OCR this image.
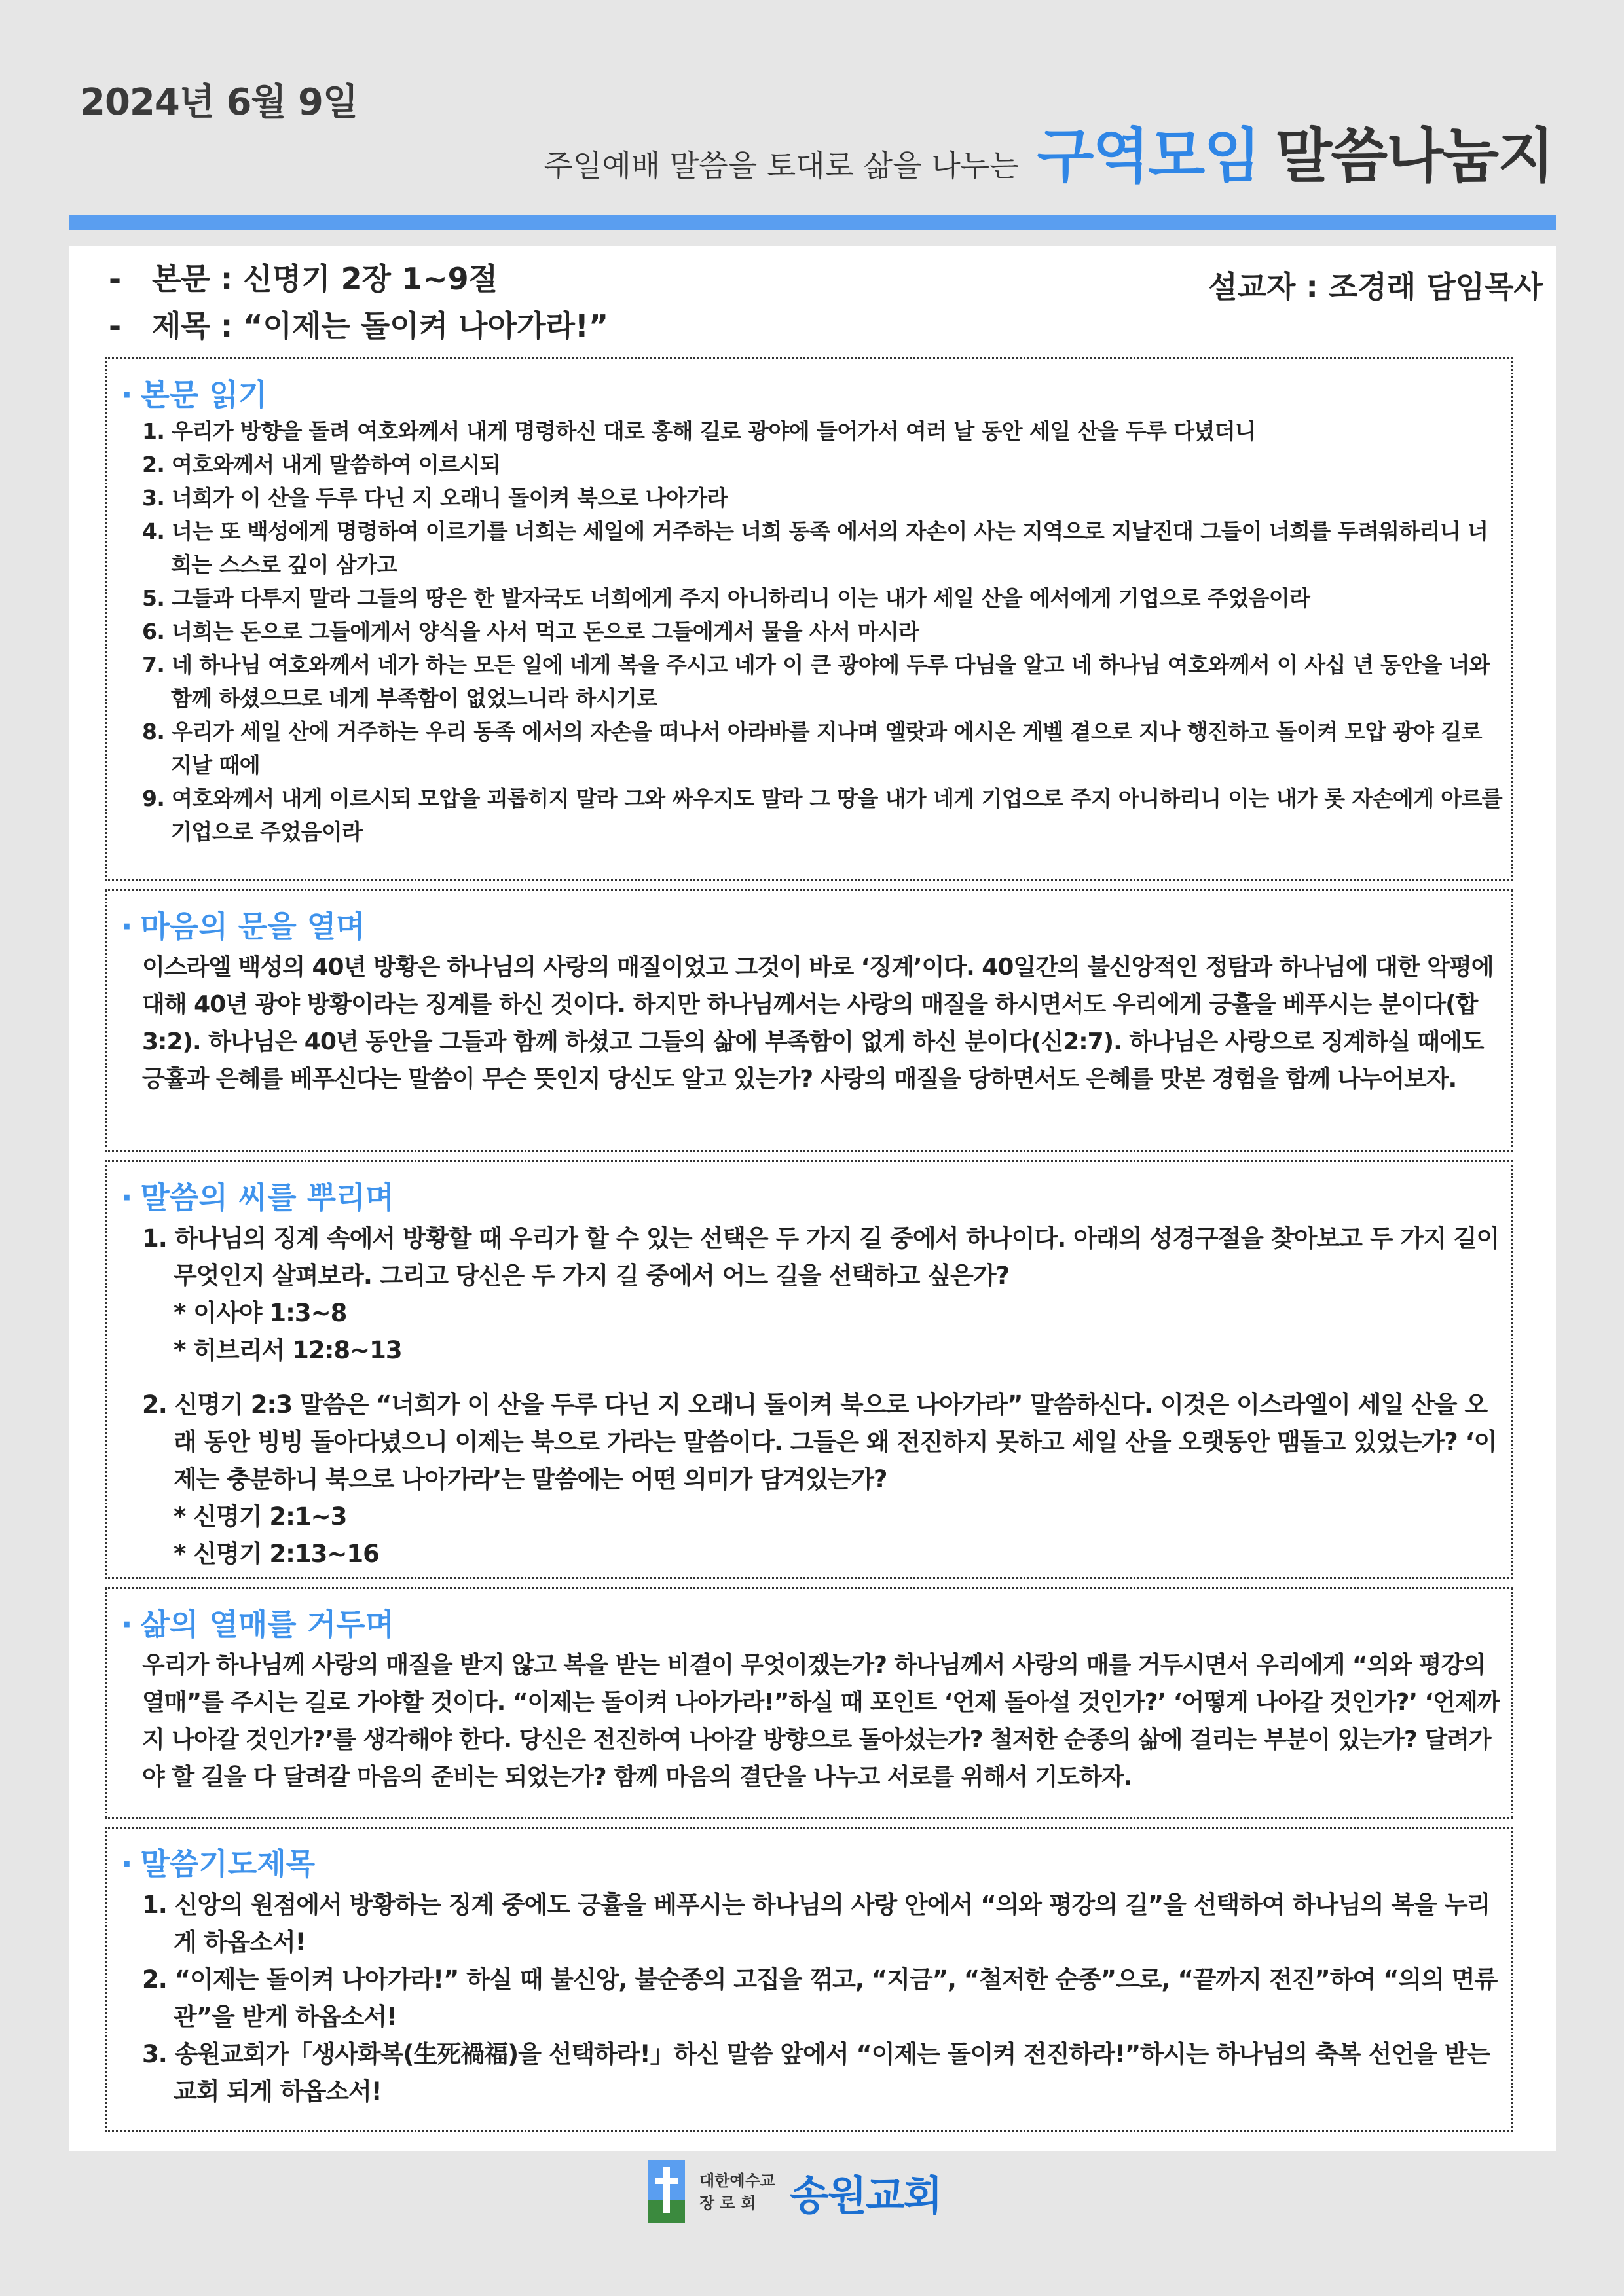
2024년 6월 9일
주일예배 말씀을 토대로 삶을 나누는 구역모임 말씀나눔지
-	본문 : 신명기 2장 1~9절
-	제목 : “이제는 돌이켜 나아가라!”
설교자 : 조경래 담임목사
· 본문 읽기
1. 우리가 방향을 돌려 여호와께서 내게 명령하신 대로 홍해 길로 광야에 들어가서 여러 날 동안 세일 산을 두루 다녔더니
2. 여호와께서 내게 말씀하여 이르시되
3. 너희가 이 산을 두루 다닌 지 오래니 돌이켜 북으로 나아가라
4. 너는 또 백성에게 명령하여 이르기를 너희는 세일에 거주하는 너희 동족 에서의 자손이 사는 지역으로 지날진대 그들이 너희를 두려워하리니 너희는 스스로 깊이 삼가고
5. 그들과 다투지 말라 그들의 땅은 한 발자국도 너희에게 주지 아니하리니 이는 내가 세일 산을 에서에게 기업으로 주었음이라
6. 너희는 돈으로 그들에게서 양식을 사서 먹고 돈으로 그들에게서 물을 사서 마시라
7. 네 하나님 여호와께서 네가 하는 모든 일에 네게 복을 주시고 네가 이 큰 광야에 두루 다님을 알고 네 하나님 여호와께서 이 사십 년 동안을 너와 함께 하셨으므로 네게 부족함이 없었느니라 하시기로
8. 우리가 세일 산에 거주하는 우리 동족 에서의 자손을 떠나서 아라바를 지나며 엘랏과 에시온 게벨 곁으로 지나 행진하고 돌이켜 모압 광야 길로 지날 때에
9. 여호와께서 내게 이르시되 모압을 괴롭히지 말라 그와 싸우지도 말라 그 땅을 내가 네게 기업으로 주지 아니하리니 이는 내가 롯 자손에게 아르를 기업으로 주었음이라
· 마음의 문을 열며
이스라엘 백성의 40년 방황은 하나님의 사랑의 매질이었고 그것이 바로 ‘징계’이다. 40일간의 불신앙적인 정탐과 하나님에 대한 악평에 대해 40년 광야 방황이라는 징계를 하신 것이다. 하지만 하나님께서는 사랑의 매질을 하시면서도 우리에게 긍휼을 베푸시는 분이다(합3:2). 하나님은 40년 동안을 그들과 함께 하셨고 그들의 삶에 부족함이 없게 하신 분이다(신2:7). 하나님은 사랑으로 징계하실 때에도 긍휼과 은혜를 베푸신다는 말씀이 무슨 뜻인지 당신도 알고 있는가? 사랑의 매질을 당하면서도 은혜를 맛본 경험을 함께 나누어보자.
· 말씀의 씨를 뿌리며
1. 하나님의 징계 속에서 방황할 때 우리가 할 수 있는 선택은 두 가지 길 중에서 하나이다. 아래의 성경구절을 찾아보고 두 가지 길이 무엇인지 살펴보라. 그리고 당신은 두 가지 길 중에서 어느 길을 선택하고 싶은가?
* 이사야 1:3~8
* 히브리서 12:8~13
2. 신명기 2:3 말씀은 “너희가 이 산을 두루 다닌 지 오래니 돌이켜 북으로 나아가라” 말씀하신다. 이것은 이스라엘이 세일 산을 오래 동안 빙빙 돌아다녔으니 이제는 북으로 가라는 말씀이다. 그들은 왜 전진하지 못하고 세일 산을 오랫동안 맴돌고 있었는가? ‘이제는 충분하니 북으로 나아가라’는 말씀에는 어떤 의미가 담겨있는가?
* 신명기 2:1~3
* 신명기 2:13~16
· 삶의 열매를 거두며
우리가 하나님께 사랑의 매질을 받지 않고 복을 받는 비결이 무엇이겠는가? 하나님께서 사랑의 매를 거두시면서 우리에게 “의와 평강의 열매”를 주시는 길로 가야할 것이다. “이제는 돌이켜 나아가라!”하실 때 포인트 ‘언제 돌아설 것인가?’ ‘어떻게 나아갈 것인가?’ ‘언제까지 나아갈 것인가?’를 생각해야 한다. 당신은 전진하여 나아갈 방향으로 돌아섰는가? 철저한 순종의 삶에 걸리는 부분이 있는가? 달려가야 할 길을 다 달려갈 마음의 준비는 되었는가? 함께 마음의 결단을 나누고 서로를 위해서 기도하자.
· 말씀기도제목
1. 신앙의 원점에서 방황하는 징계 중에도 긍휼을 베푸시는 하나님의 사랑 안에서 “의와 평강의 길”을 선택하여 하나님의 복을 누리게 하옵소서!
2. “이제는 돌이켜 나아가라!” 하실 때 불신앙, 불순종의 고집을 꺾고, “지금”, “철저한 순종”으로, “끝까지 전진”하여 “의의 면류관”을 받게 하옵소서!
3. 송원교회가「생사화복(生死禍福)을 선택하라!」하신 말씀 앞에서 “이제는 돌이켜 전진하라!”하시는 하나님의 축복 선언을 받는 교회 되게 하옵소서!
대한예수교
장 로 회 송원교회
